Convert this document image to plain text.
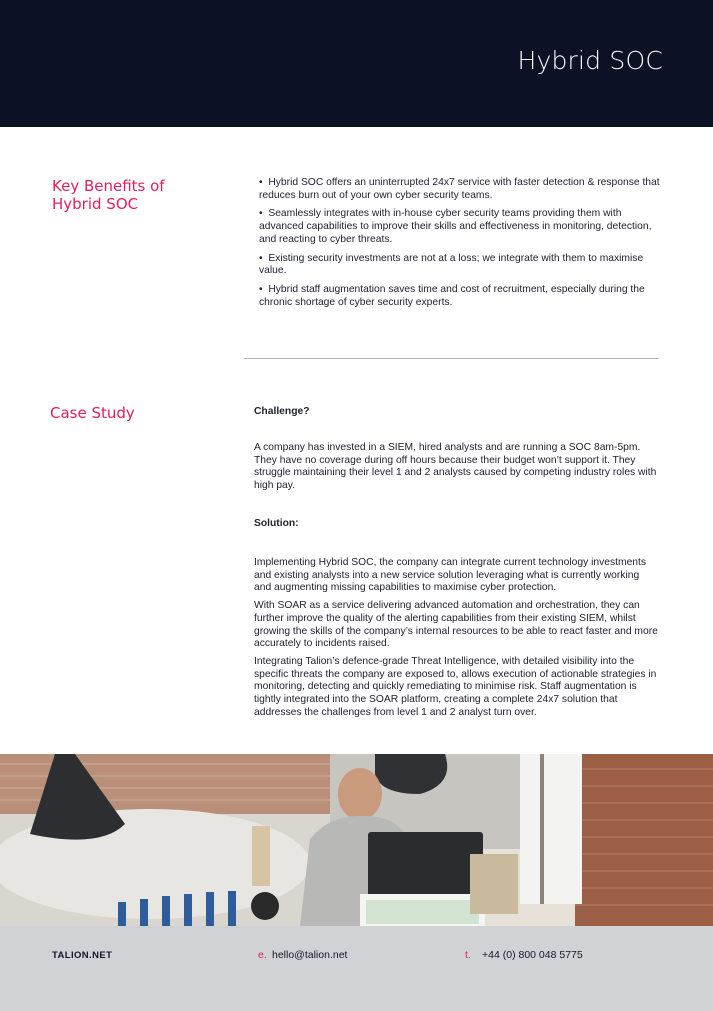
Hybrid SOC
Key Benefits of
Hybrid SOC
•  Hybrid SOC offers an uninterrupted 24x7 service with faster detection & response that reduces burn out of your own cyber security teams.
•  Seamlessly integrates with in-house cyber security teams providing them with advanced capabilities to improve their skills and effectiveness in monitoring, detection, and reacting to cyber threats.
•  Existing security investments are not at a loss; we integrate with them to maximise value.
•  Hybrid staff augmentation saves time and cost of recruitment, especially during the chronic shortage of cyber security experts.
Case Study	Challenge?
A company has invested in a SIEM, hired analysts and are running a SOC 8am-5pm. They have no coverage during off hours because their budget won’t support it. They struggle maintaining their level 1 and 2 analysts caused by competing industry roles with high pay.
Solution:

Implementing Hybrid SOC, the company can integrate current technology investments and existing analysts into a new service solution leveraging what is currently working and augmenting missing capabilities to maximise cyber protection.

With SOAR as a service delivering advanced automation and orchestration, they can further improve the quality of the alerting capabilities from their existing SIEM, whilst growing the skills of the company’s internal resources to be able to react faster and more accurately to incidents raised.

Integrating Talion’s defence-grade Threat Intelligence, with detailed visibility into the specific threats the company are exposed to, allows execution of actionable strategies in monitoring, detecting and quickly remediating to minimise risk. Staff augmentation is tightly integrated into the SOAR platform, creating a complete 24x7 solution that addresses the challenges from level 1 and 2 analyst turn over.

TALION.NET	e. hello@talion.net	t. +44 (0) 800 048 5775
